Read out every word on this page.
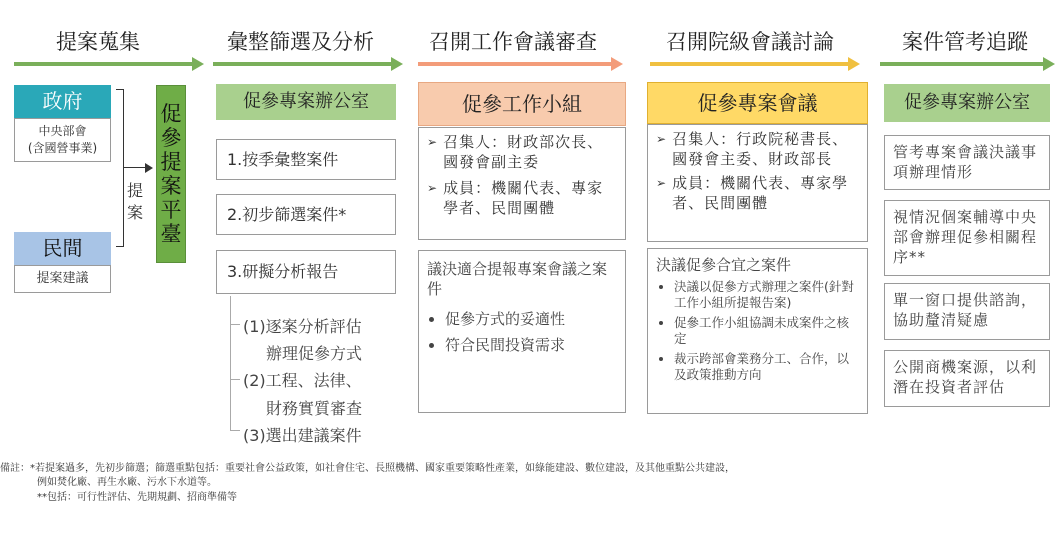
提案蒐集	彙整篩選及分析	召開工作會議審查	召開院級會議討論	案件管考追蹤
政府
中央部會
(含國營事業)
民間
提案建議
提
案
促
參
提
案
平
臺
促參專案辦公室
1.按季彙整案件
2.初步篩選案件*
3.研擬分析報告
(1)逐案分析評估
辦理促參方式
(2)工程、法律、
財務實質審查
(3)選出建議案件
促參工作小組
➢ 召集人：財政部次長、國發會副主委
➢ 成員：機關代表、專家學者、民間團體
議決適合提報專案會議之案件
• 促參方式的妥適性
• 符合民間投資需求
促參專案會議
➢ 召集人：行政院秘書長、國發會主委、財政部長
➢ 成員：機關代表、專家學者、民間團體
決議促參合宜之案件
• 決議以促參方式辦理之案件(針對工作小組所提報告案)
• 促參工作小組協調未成案件之核定
• 裁示跨部會業務分工、合作，以及政策推動方向
促參專案辦公室
管考專案會議決議事項辦理情形
視情況個案輔導中央部會辦理促參相關程序**
單一窗口提供諮詢，協助釐清疑慮
公開商機案源，以利潛在投資者評估
備註：*若提案過多，先初步篩選；篩選重點包括：重要社會公益政策，如社會住宅、長照機構、國家重要策略性產業，如綠能建設、數位建設，及其他重點公共建設，
例如焚化廠、再生水廠、污水下水道等。
**包括：可行性評估、先期規劃、招商準備等
